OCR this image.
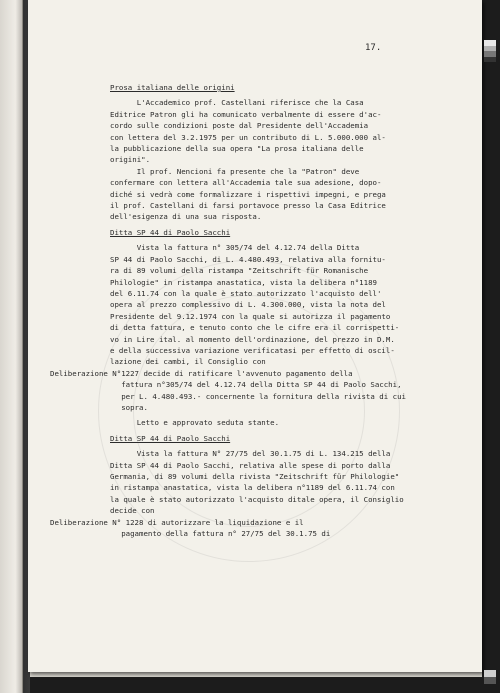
17.
Prosa italiana delle origini
L'Accademico prof. Castellani riferisce che la Casa
Editrice Patron gli ha comunicato verbalmente di essere d'ac-
cordo sulle condizioni poste dal Presidente dell'Accademia
con lettera del 3.2.1975 per un contributo di L. 5.000.000 al-
la pubblicazione della sua opera "La prosa italiana delle
origini".
Il prof. Nencioni fa presente che la "Patron" deve
confermare con lettera all'Accademia tale sua adesione, dopo-
diché si vedrà come formalizzare i rispettivi impegni, e prega
il prof. Castellani di farsi portavoce presso la Casa Editrice
dell'esigenza di una sua risposta.
Ditta SP 44 di Paolo Sacchi
Vista la fattura n° 305/74 del 4.12.74 della Ditta
SP 44 di Paolo Sacchi, di L. 4.480.493, relativa alla fornitu-
ra di 89 volumi della ristampa "Zeitschrift für Romanische
Philologie" in ristampa anastatica, vista la delibera n°1189
del 6.11.74 con la quale è stato autorizzato l'acquisto dell'
opera al prezzo complessivo di L. 4.300.000, vista la nota del
Presidente del 9.12.1974 con la quale si autorizza il pagamento
di detta fattura, e tenuto conto che le cifre era il corrispetti-
vo in Lire ital. al momento dell'ordinazione, del prezzo in D.M.
e della successiva variazione verificatasi per effetto di oscil-
lazione dei cambi, il Consiglio con
Deliberazione N°1227 decide di ratificare l'avvenuto pagamento della
fattura n°305/74 del 4.12.74 della Ditta SP 44 di Paolo Sacchi,
per L. 4.480.493.- concernente la fornitura della rivista di cui
sopra.
Letto e approvato seduta stante.
Ditta SP 44 di Paolo Sacchi
Vista la fattura N° 27/75 del 30.1.75 di L. 134.215 della
Ditta SP 44 di Paolo Sacchi, relativa alle spese di porto dalla
Germania, di 89 volumi della rivista "Zeitschrift für Philologie"
in ristampa anastatica, vista la delibera n°1189 del 6.11.74 con
la quale è stato autorizzato l'acquisto ditale opera, il Consiglio
decide con
Deliberazione N° 1228 di autorizzare la liquidazione e il
pagamento della fattura n° 27/75 del 30.1.75 di
